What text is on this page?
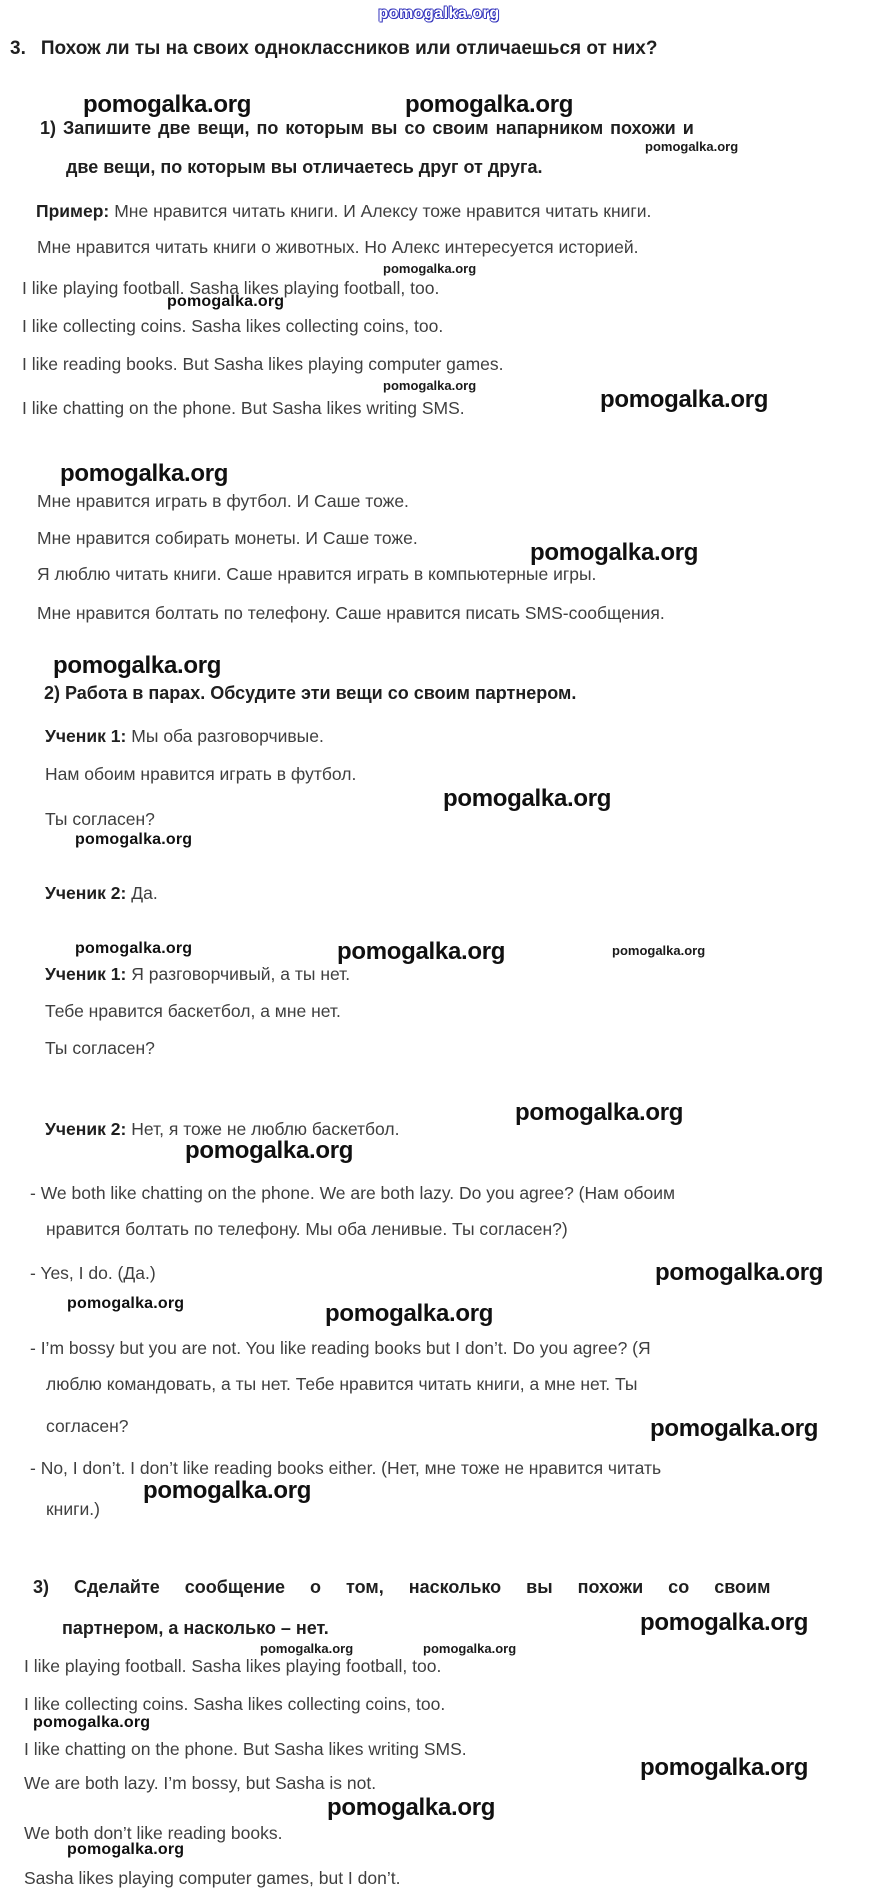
pomogalka.org
3. Похож ли ты на своих одноклассников или отличаешься от них?
pomogalka.org	pomogalka.org
1) Запишите две вещи, по которым вы со своим напарником похожи и
pomogalka.org
две вещи, по которым вы отличаетесь друг от друга.
Пример: Мне нравится читать книги. И Алексу тоже нравится читать книги.
Мне нравится читать книги о животных. Но Алекс интересуется историей.
pomogalka.org
I like playing football. Sasha likes playing football, too.
pomogalka.org
I like collecting coins. Sasha likes collecting coins, too.
I like reading books. But Sasha likes playing computer games.
pomogalka.org
pomogalka.org
I like chatting on the phone. But Sasha likes writing SMS.
pomogalka.org
Мне нравится играть в футбол. И Саше тоже.
Мне нравится собирать монеты. И Саше тоже.
pomogalka.org
Я люблю читать книги. Саше нравится играть в компьютерные игры.
Мне нравится болтать по телефону. Саше нравится писать SMS-сообщения.
pomogalka.org
2) Работа в парах. Обсудите эти вещи со своим партнером.
Ученик 1: Мы оба разговорчивые.
Нам обоим нравится играть в футбол.
pomogalka.org
Ты согласен?
pomogalka.org
Ученик 2: Да.
pomogalka.org	pomogalka.org	pomogalka.org
Ученик 1: Я разговорчивый, а ты нет.
Тебе нравится баскетбол, а мне нет.
Ты согласен?
pomogalka.org
Ученик 2: Нет, я тоже не люблю баскетбол.
pomogalka.org
- We both like chatting on the phone. We are both lazy. Do you agree? (Нам обоим
нравится болтать по телефону. Мы оба ленивые. Ты согласен?)
- Yes, I do. (Да.)	pomogalka.org
pomogalka.org	pomogalka.org
- I’m bossy but you are not. You like reading books but I don’t. Do you agree? (Я
люблю командовать, а ты нет. Тебе нравится читать книги, а мне нет. Ты
согласен?	pomogalka.org
- No, I don’t. I don’t like reading books either. (Нет, мне тоже не нравится читать
pomogalka.org
книги.)
3) Сделайте сообщение о том, насколько вы похожи со своим
pomogalka.org
партнером, а насколько – нет.
pomogalka.org	pomogalka.org
I like playing football. Sasha likes playing football, too.
I like collecting coins. Sasha likes collecting coins, too.
pomogalka.org
I like chatting on the phone. But Sasha likes writing SMS.
pomogalka.org
We are both lazy. I’m bossy, but Sasha is not.
pomogalka.org
We both don’t like reading books.
pomogalka.org
Sasha likes playing computer games, but I don’t.
